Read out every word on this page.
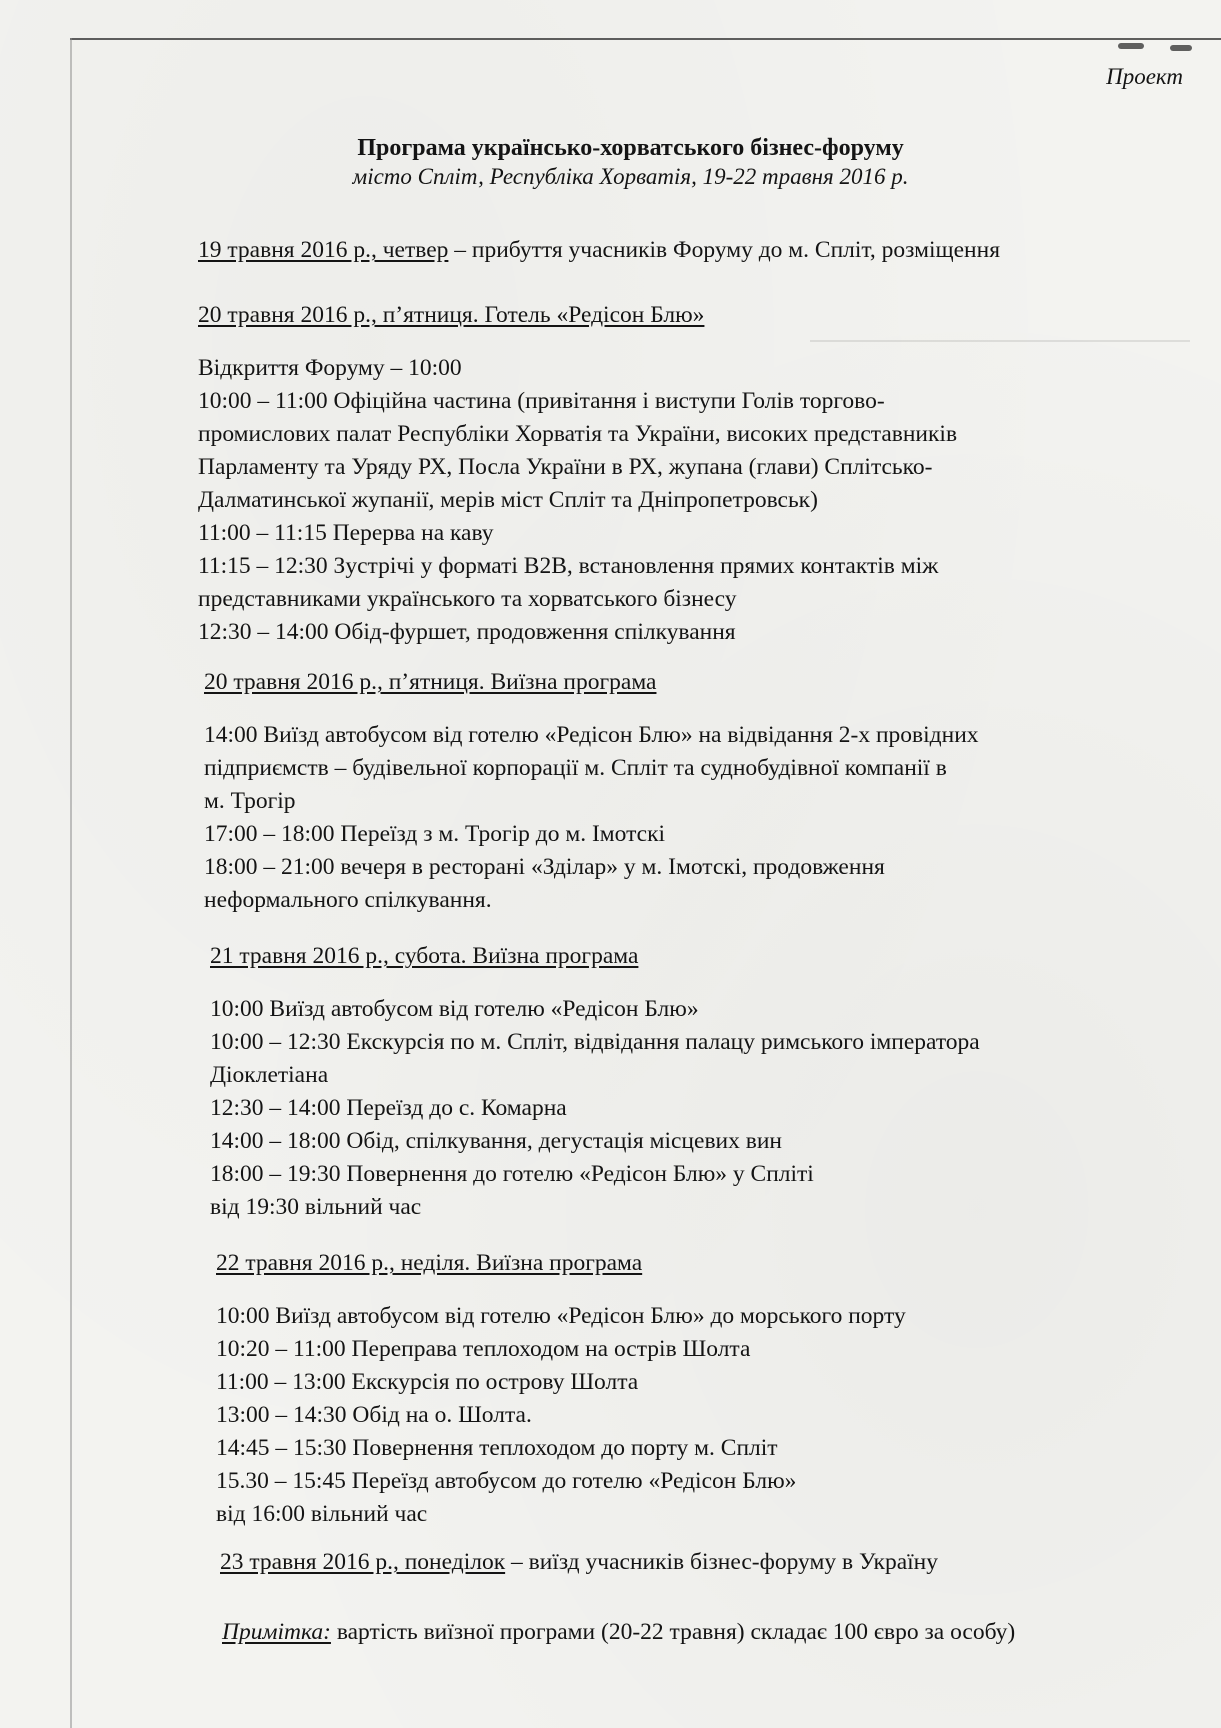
Проект
Програма українсько-хорватського бізнес-форуму
місто Спліт, Республіка Хорватія, 19-22 травня 2016 р.
19 травня 2016 р., четвер – прибуття учасників Форуму до м. Спліт, розміщення
20 травня 2016 р., п’ятниця. Готель «Редісон Блю»
Відкриття Форуму – 10:00
10:00 – 11:00 Офіційна частина (привітання і виступи Голів торгово-
промислових палат Республіки Хорватія та України, високих представників
Парламенту та Уряду РХ, Посла України в РХ, жупана (глави) Сплітсько-
Далматинської жупанії, мерів міст Спліт та Дніпропетровськ)
11:00 – 11:15 Перерва на каву
11:15 – 12:30 Зустрічі у форматі B2B, встановлення прямих контактів між
представниками українського та хорватського бізнесу
12:30 – 14:00 Обід-фуршет, продовження спілкування
20 травня 2016 р., п’ятниця. Виїзна програма
14:00 Виїзд автобусом від готелю «Редісон Блю» на відвідання 2-х провідних
підприємств – будівельної корпорації м. Спліт та суднобудівної компанії в
м. Трогір
17:00 – 18:00 Переїзд з м. Трогір до м. Імотскі
18:00 – 21:00 вечеря в ресторані «Зділар» у м. Імотскі, продовження
неформального спілкування.
21 травня 2016 р., субота. Виїзна програма
10:00 Виїзд автобусом від готелю «Редісон Блю»
10:00 – 12:30 Екскурсія по м. Спліт, відвідання палацу римського імператора
Діоклетіана
12:30 – 14:00 Переїзд до с. Комарна
14:00 – 18:00 Обід, спілкування, дегустація місцевих вин
18:00 – 19:30 Повернення до готелю «Редісон Блю» у Спліті
від 19:30 вільний час
22 травня 2016 р., неділя. Виїзна програма
10:00 Виїзд автобусом від готелю «Редісон Блю» до морського порту
10:20 – 11:00 Переправа теплоходом на острів Шолта
11:00 – 13:00 Екскурсія по острову Шолта
13:00 – 14:30 Обід на о. Шолта.
14:45 – 15:30 Повернення теплоходом до порту м. Спліт
15.30 – 15:45 Переїзд автобусом до готелю «Редісон Блю»
від 16:00 вільний час
23 травня 2016 р., понеділок – виїзд учасників бізнес-форуму в Україну
Примітка: вартість виїзної програми (20-22 травня) складає 100 євро за особу)
